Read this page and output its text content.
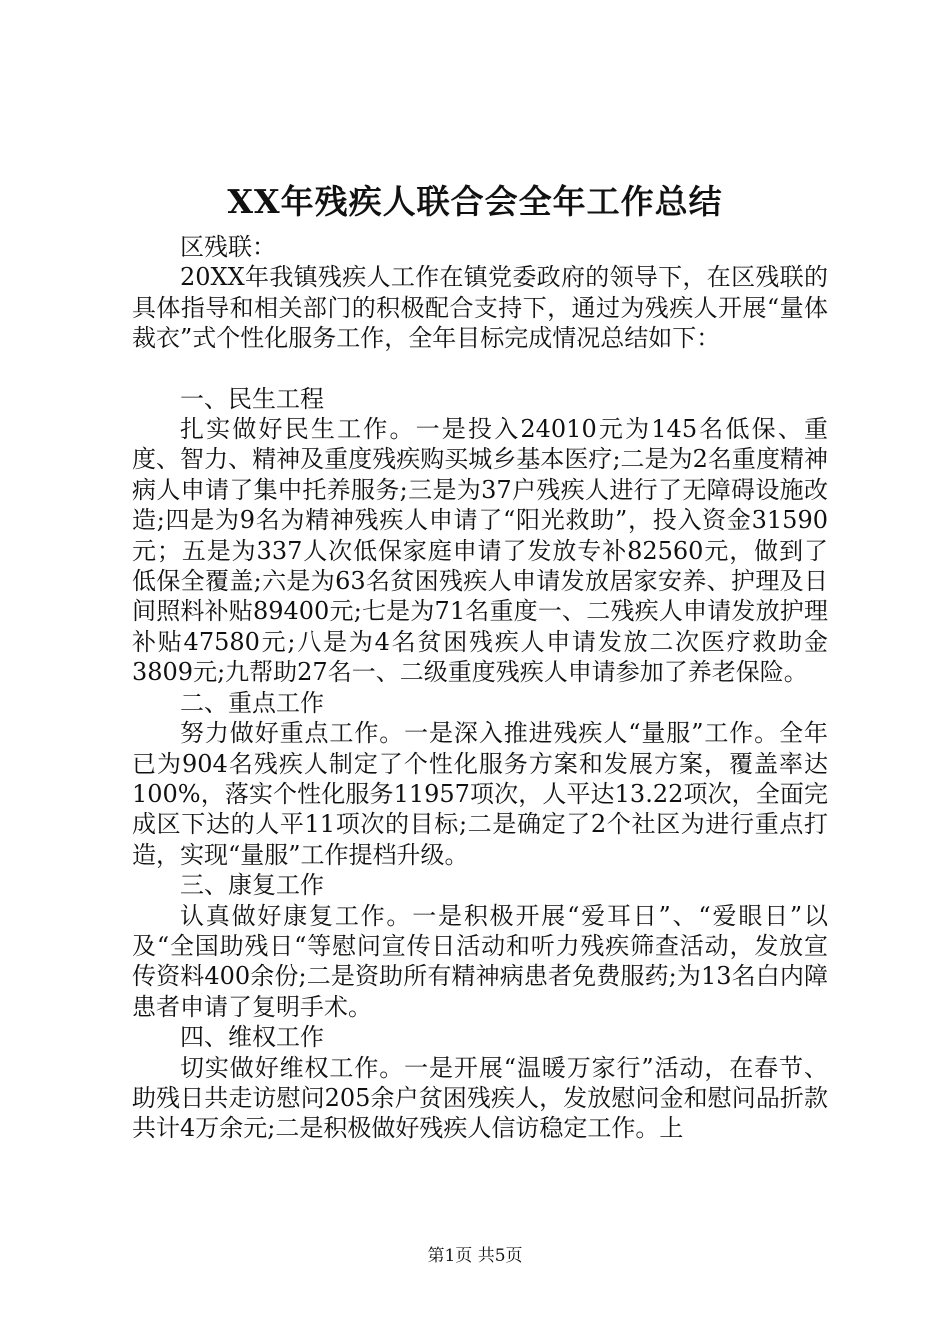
XX年残疾人联合会全年工作总结

区残联：

20XX年我镇残疾人工作在镇党委政府的领导下，在区残联的具体指导和相关部门的积极配合支持下，通过为残疾人开展“量体裁衣”式个性化服务工作，全年目标完成情况总结如下：

一、民生工程

扎实做好民生工作。一是投入24010元为145名低保、重度、智力、精神及重度残疾购买城乡基本医疗;二是为2名重度精神病人申请了集中托养服务;三是为37户残疾人进行了无障碍设施改造;四是为9名为精神残疾人申请了“阳光救助”，投入资金31590元；五是为337人次低保家庭申请了发放专补82560元，做到了低保全覆盖;六是为63名贫困残疾人申请发放居家安养、护理及日间照料补贴89400元;七是为71名重度一、二残疾人申请发放护理补贴47580元;八是为4名贫困残疾人申请发放二次医疗救助金3809元;九帮助27名一、二级重度残疾人申请参加了养老保险。

二、重点工作

努力做好重点工作。一是深入推进残疾人“量服”工作。全年已为904名残疾人制定了个性化服务方案和发展方案，覆盖率达100%，落实个性化服务11957项次，人平达13.22项次，全面完成区下达的人平11项次的目标;二是确定了2个社区为进行重点打造，实现“量服”工作提档升级。

三、康复工作

认真做好康复工作。一是积极开展“爱耳日”、“爱眼日”以及“全国助残日“等慰问宣传日活动和听力残疾筛查活动，发放宣传资料400余份;二是资助所有精神病患者免费服药;为13名白内障患者申请了复明手术。

四、维权工作

切实做好维权工作。一是开展“温暖万家行”活动，在春节、助残日共走访慰问205余户贫困残疾人，发放慰问金和慰问品折款共计4万余元;二是积极做好残疾人信访稳定工作。上

第1页 共5页
